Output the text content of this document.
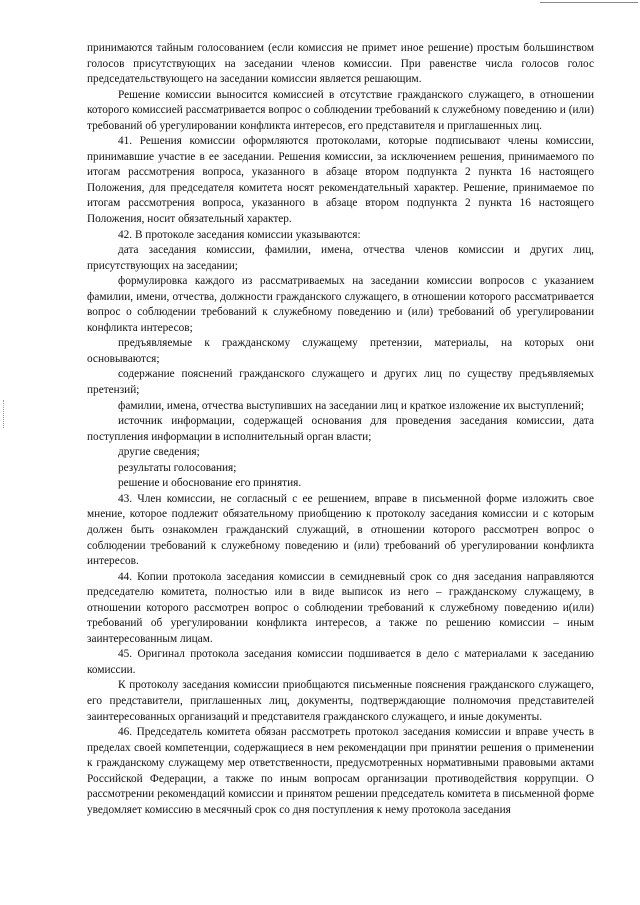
принимаются тайным голосованием (если комиссия не примет иное решение) простым большинством голосов присутствующих на заседании членов комиссии. При равенстве числа голосов голос председательствующего на заседании комиссии является решающим.

Решение комиссии выносится комиссией в отсутствие гражданского служащего, в отношении которого комиссией рассматривается вопрос о соблюдении требований к служебному поведению и (или) требований об урегулировании конфликта интересов, его представителя и приглашенных лиц.

41. Решения комиссии оформляются протоколами, которые подписывают члены комиссии, принимавшие участие в ее заседании. Решения комиссии, за исключением решения, принимаемого по итогам рассмотрения вопроса, указанного в абзаце втором подпункта 2 пункта 16 настоящего Положения, для председателя комитета носят рекомендательный характер. Решение, принимаемое по итогам рассмотрения вопроса, указанного в абзаце втором подпункта 2 пункта 16 настоящего Положения, носит обязательный характер.

42. В протоколе заседания комиссии указываются:

дата заседания комиссии, фамилии, имена, отчества членов комиссии и других лиц, присутствующих на заседании;

формулировка каждого из рассматриваемых на заседании комиссии вопросов с указанием фамилии, имени, отчества, должности гражданского служащего, в отношении которого рассматривается вопрос о соблюдении требований к служебному поведению и (или) требований об урегулировании конфликта интересов;

предъявляемые к гражданскому служащему претензии, материалы, на которых они основываются;

содержание пояснений гражданского служащего и других лиц по существу предъявляемых претензий;

фамилии, имена, отчества выступивших на заседании лиц и краткое изложение их выступлений;

источник информации, содержащей основания для проведения заседания комиссии, дата поступления информации в исполнительный орган власти;

другие сведения;

результаты голосования;

решение и обоснование его принятия.

43. Член комиссии, не согласный с ее решением, вправе в письменной форме изложить свое мнение, которое подлежит обязательному приобщению к протоколу заседания комиссии и с которым должен быть ознакомлен гражданский служащий, в отношении которого рассмотрен вопрос о соблюдении требований к служебному поведению и (или) требований об урегулировании конфликта интересов.

44. Копии протокола заседания комиссии в семидневный срок со дня заседания направляются председателю комитета, полностью или в виде выписок из него – гражданскому служащему, в отношении которого рассмотрен вопрос о соблюдении требований к служебному поведению и(или) требований об урегулировании конфликта интересов, а также по решению комиссии – иным заинтересованным лицам.

45. Оригинал протокола заседания комиссии подшивается в дело с материалами к заседанию комиссии.

К протоколу заседания комиссии приобщаются письменные пояснения гражданского служащего, его представители, приглашенных лиц, документы, подтверждающие полномочия представителей заинтересованных организаций и представителя гражданского служащего, и иные документы.

46. Председатель комитета обязан рассмотреть протокол заседания комиссии и вправе учесть в пределах своей компетенции, содержащиеся в нем рекомендации при принятии решения о применении к гражданскому служащему мер ответственности, предусмотренных нормативными правовыми актами Российской Федерации, а также по иным вопросам организации противодействия коррупции. О рассмотрении рекомендаций комиссии и принятом решении председатель комитета в письменной форме уведомляет комиссию в месячный срок со дня поступления к нему протокола заседания
